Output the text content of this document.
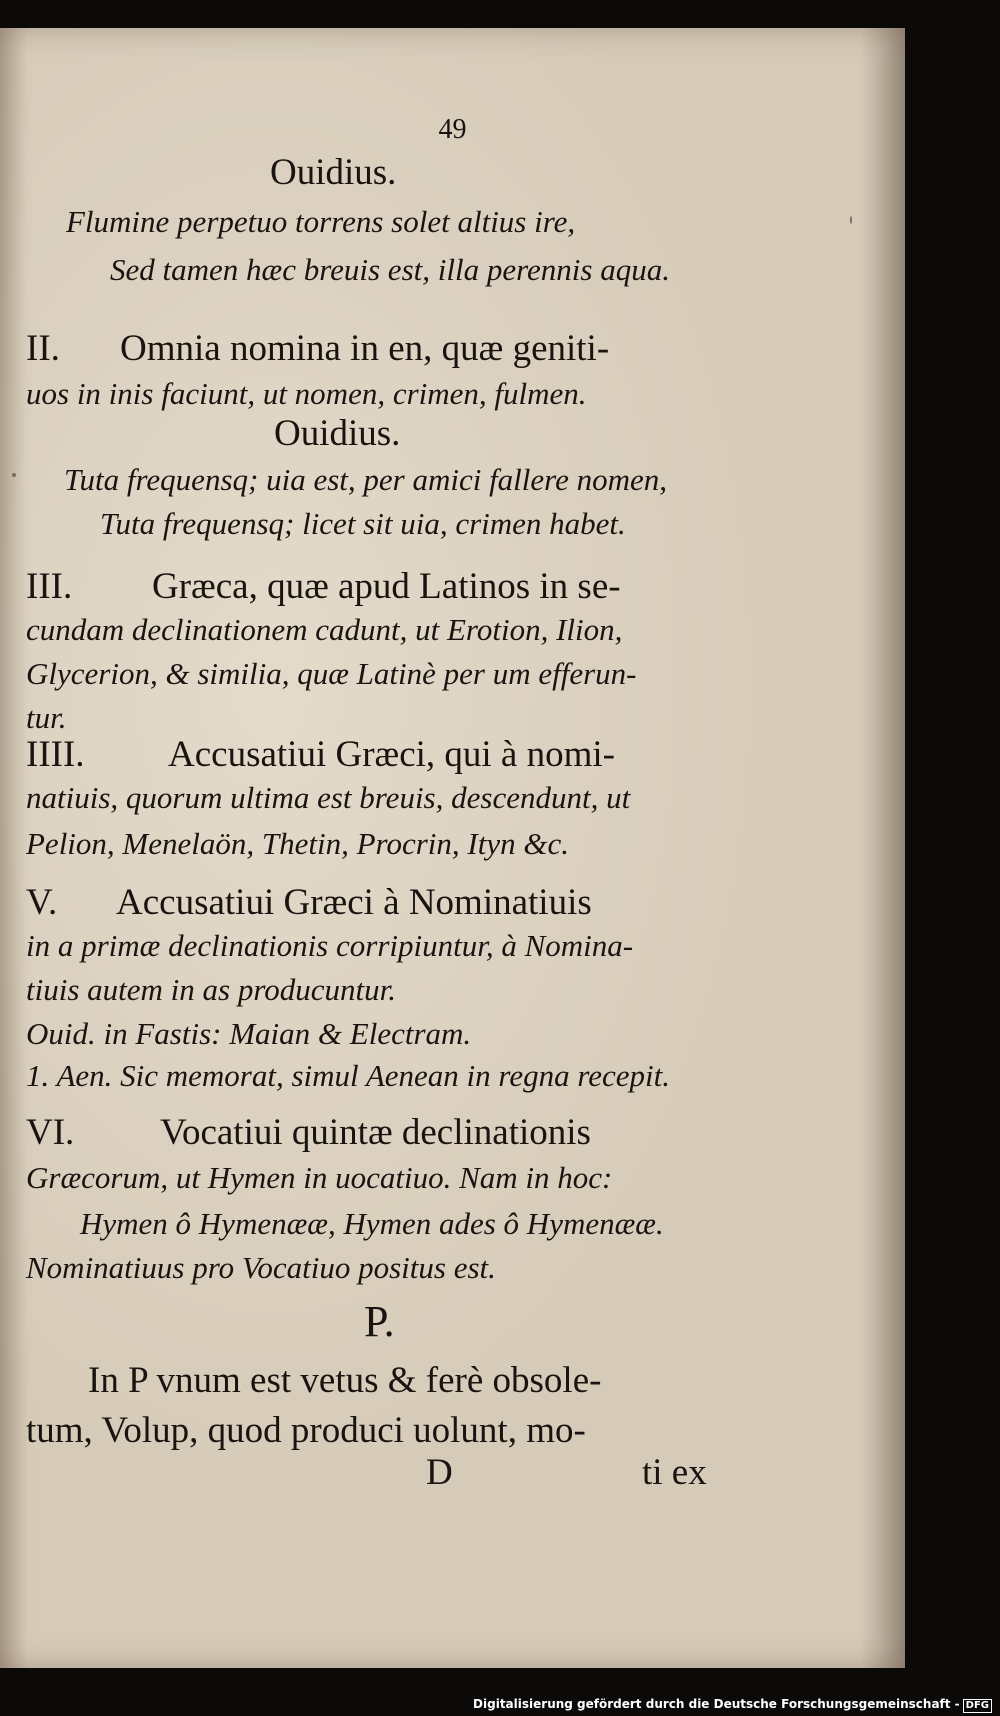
49
Ouidius.
Flumine perpetuo torrens solet altius ire,
Sed tamen hæc breuis est, illa perennis aqua.
II. Omnia nomina in en, quæ geniti-
uos in inis faciunt, ut nomen, crimen, fulmen.
Ouidius.
Tuta frequensq; uia est, per amici fallere nomen,
Tuta frequensq; licet sit uia, crimen habet.
III. Græca, quæ apud Latinos in se-
cundam declinationem cadunt, ut Erotion, Ilion,
Glycerion, & similia, quæ Latinè per um efferun-
tur.
IIII. Accusatiui Græci, qui à nomi-
natiuis, quorum ultima est breuis, descendunt, ut
Pelion, Menelaön, Thetin, Procrin, Ityn &c.
V. Accusatiui Græci à Nominatiuis
in a primæ declinationis corripiuntur, à Nomina-
tiuis autem in as producuntur.
Ouid. in Fastis: Maian & Electram.
1. Aen. Sic memorat, simul Aenean in regna recepit.
VI. Vocatiui quintæ declinationis
Græcorum, ut Hymen in uocatiuo. Nam in hoc:
Hymen ô Hymenææ, Hymen ades ô Hymenææ.
Nominatiuus pro Vocatiuo positus est.
P.
In P vnum est vetus & ferè obsole-
tum, Volup, quod produci uolunt, mo-
D	ti ex
Digitalisierung gefördert durch die Deutsche Forschungsgemeinschaft - DFG
